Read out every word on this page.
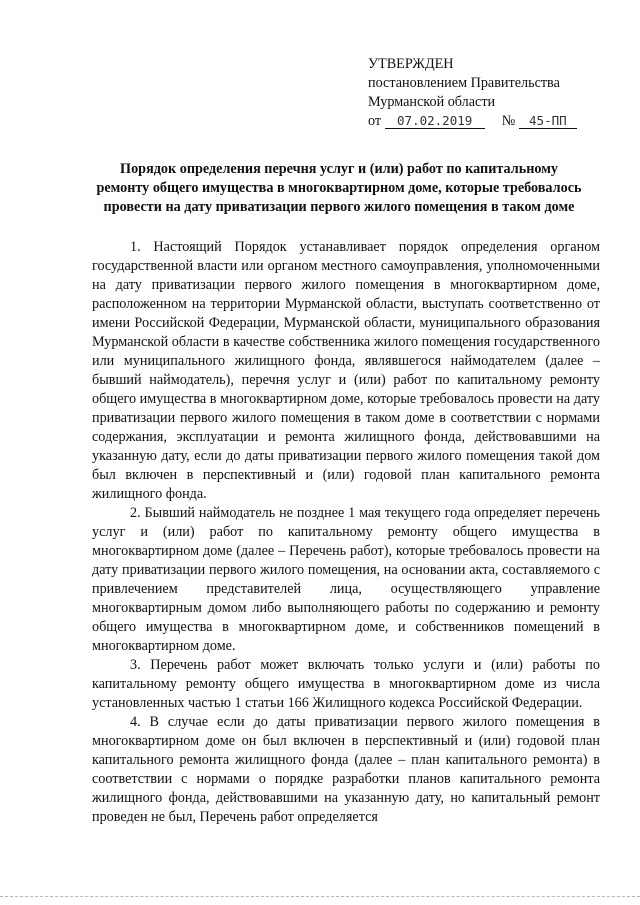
УТВЕРЖДЕН
постановлением Правительства
Мурманской области
от 07.02.2019 № 45-ПП
Порядок определения перечня услуг и (или) работ по капитальному ремонту общего имущества в многоквартирном доме, которые требовалось провести на дату приватизации первого жилого помещения в таком доме

1. Настоящий Порядок устанавливает порядок определения органом государственной власти или органом местного самоуправления, уполномоченными на дату приватизации первого жилого помещения в многоквартирном доме, расположенном на территории Мурманской области, выступать соответственно от имени Российской Федерации, Мурманской области, муниципального образования Мурманской области в качестве собственника жилого помещения государственного или муниципального жилищного фонда, являвшегося наймодателем (далее – бывший наймодатель), перечня услуг и (или) работ по капитальному ремонту общего имущества в многоквартирном доме, которые требовалось провести на дату приватизации первого жилого помещения в таком доме в соответствии с нормами содержания, эксплуатации и ремонта жилищного фонда, действовавшими на указанную дату, если до даты приватизации первого жилого помещения такой дом был включен в перспективный и (или) годовой план капитального ремонта жилищного фонда.

2. Бывший наймодатель не позднее 1 мая текущего года определяет перечень услуг и (или) работ по капитальному ремонту общего имущества в многоквартирном доме (далее – Перечень работ), которые требовалось провести на дату приватизации первого жилого помещения, на основании акта, составляемого с привлечением представителей лица, осуществляющего управление многоквартирным домом либо выполняющего работы по содержанию и ремонту общего имущества в многоквартирном доме, и собственников помещений в многоквартирном доме.

3. Перечень работ может включать только услуги и (или) работы по капитальному ремонту общего имущества в многоквартирном доме из числа установленных частью 1 статьи 166 Жилищного кодекса Российской Федерации.

4. В случае если до даты приватизации первого жилого помещения в многоквартирном доме он был включен в перспективный и (или) годовой план капитального ремонта жилищного фонда (далее – план капитального ремонта) в соответствии с нормами о порядке разработки планов капитального ремонта жилищного фонда, действовавшими на указанную дату, но капитальный ремонт проведен не был, Перечень работ определяется
